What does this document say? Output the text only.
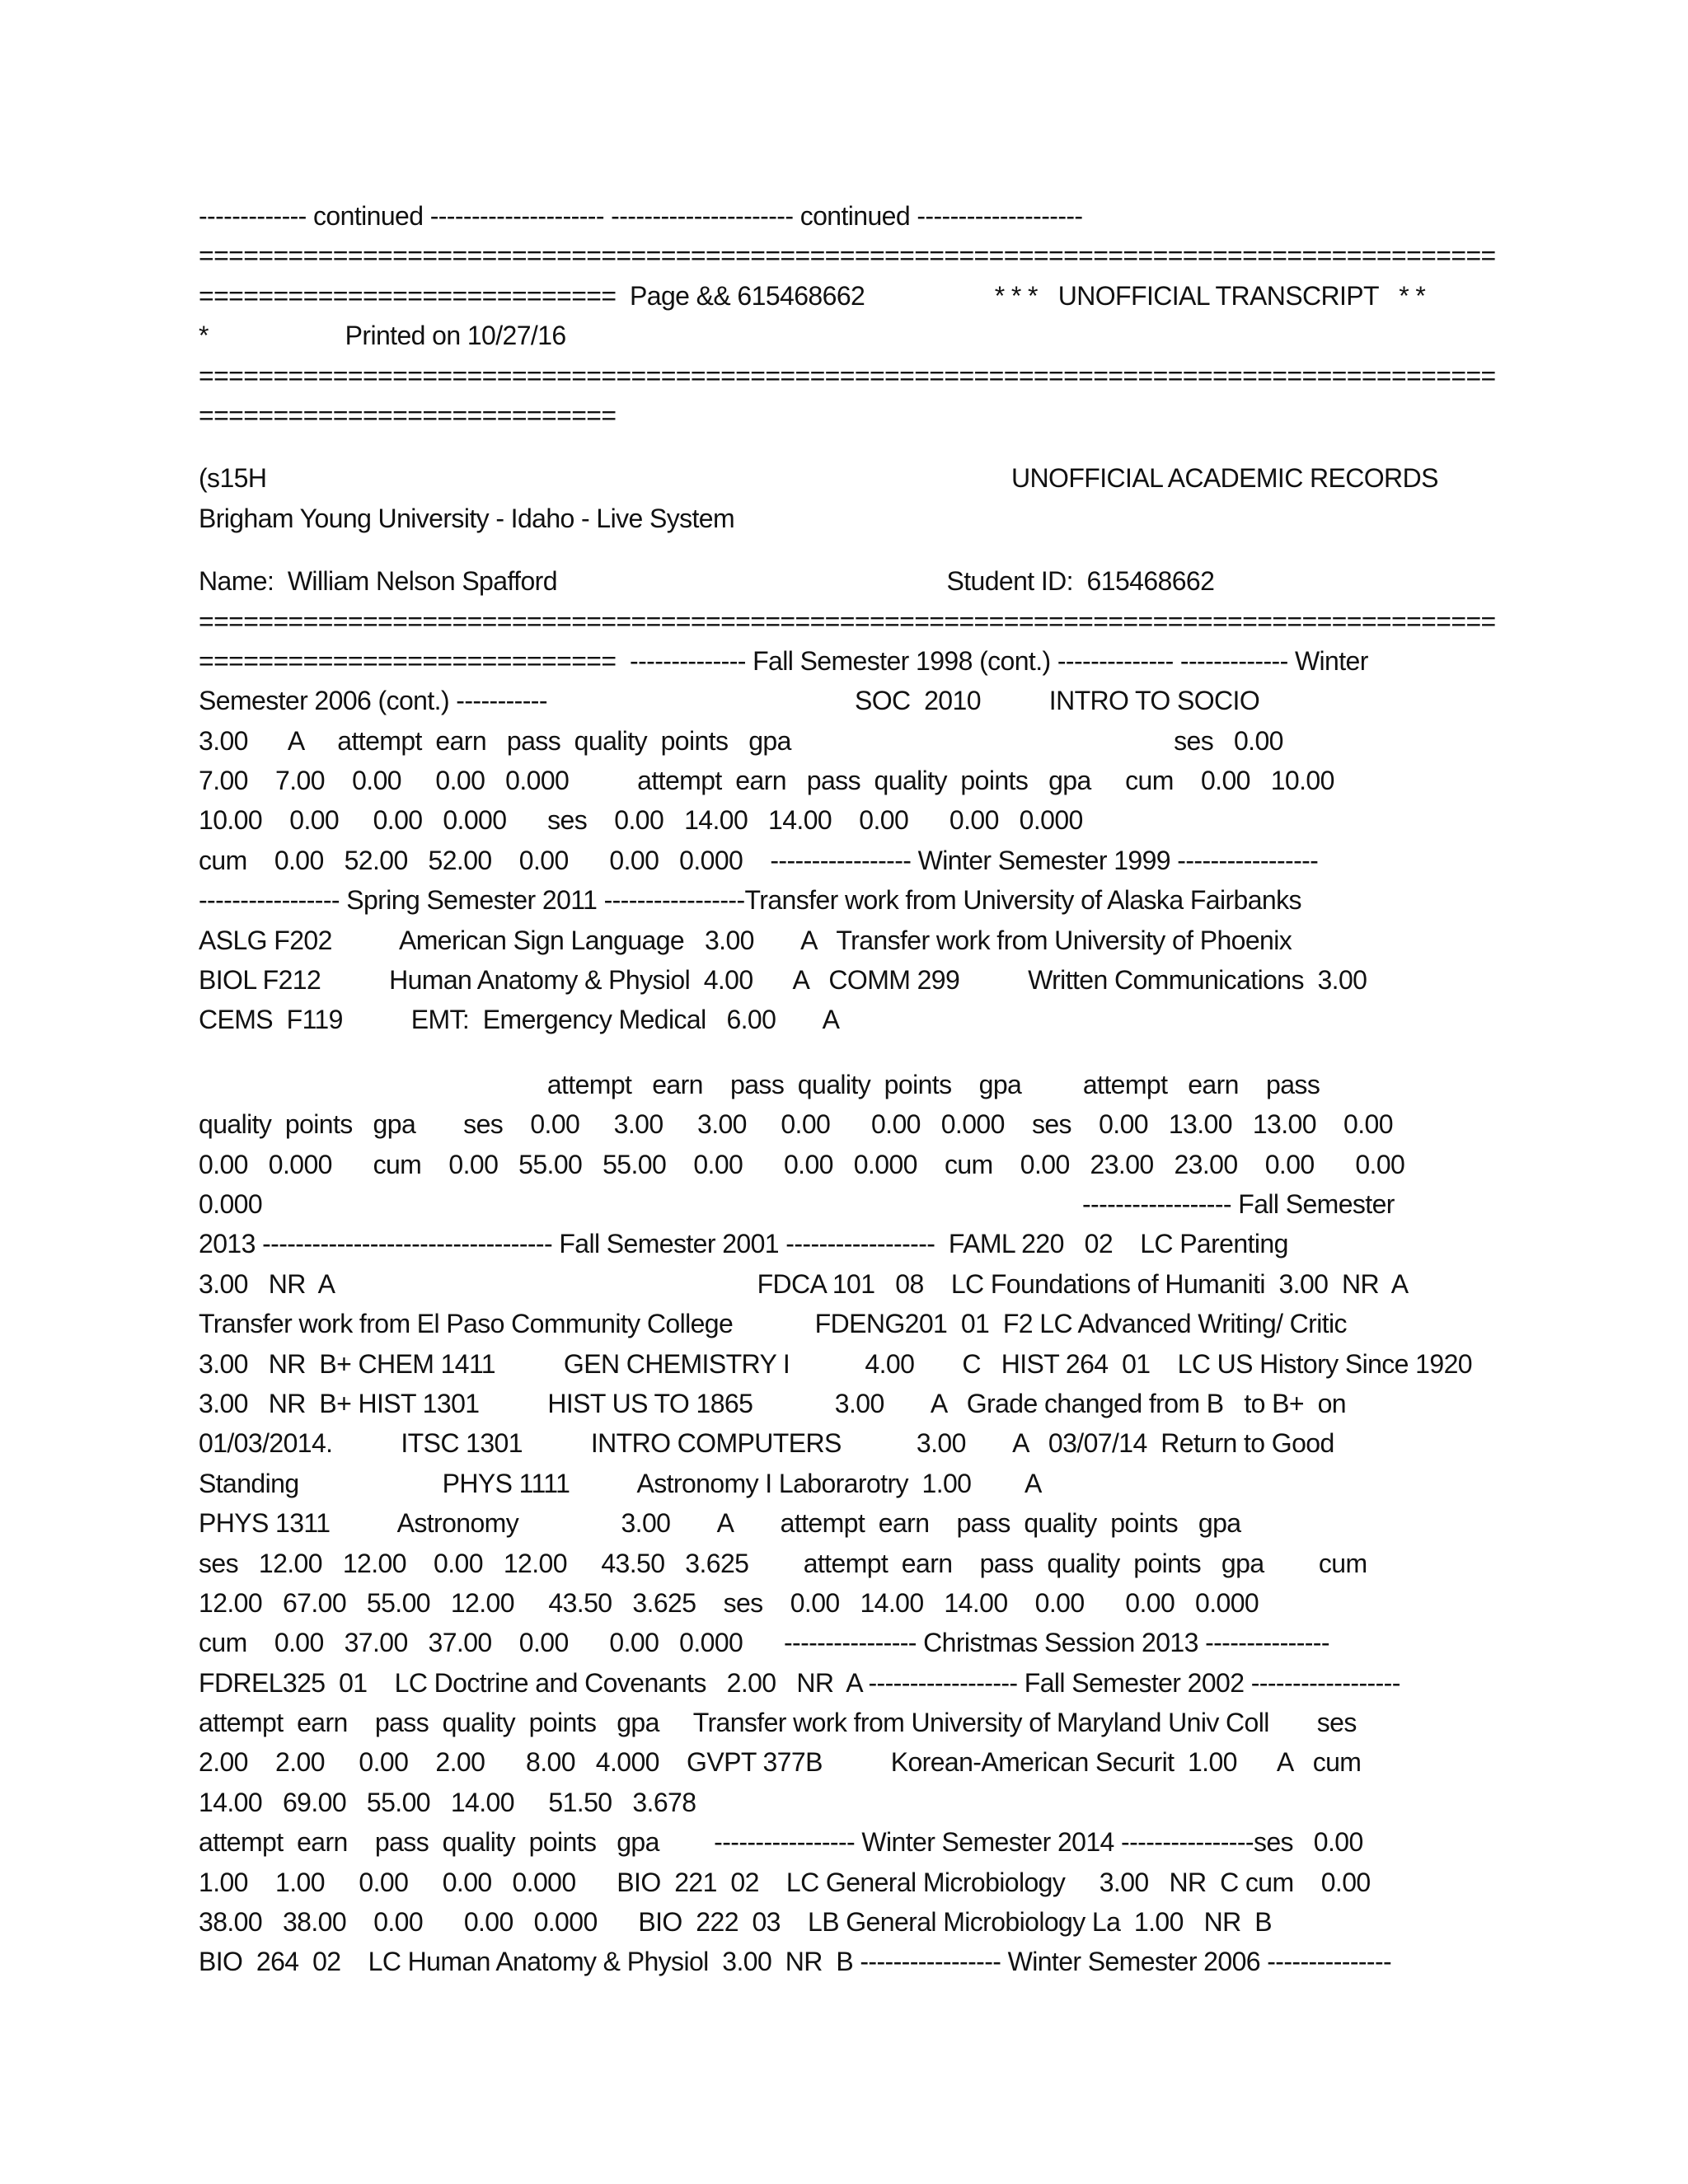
------------- continued --------------------- ---------------------- continued --------------------
=======================================================================================
============================  Page && 615468662                   * * *   UNOFFICIAL TRANSCRIPT   * *
*                    Printed on 10/27/16
=======================================================================================
============================
(s15H                                                                                                             UNOFFICIAL ACADEMIC RECORDS
Brigham Young University - Idaho - Live System
Name:  William Nelson Spafford                                                         Student ID:  615468662
=======================================================================================
============================  -------------- Fall Semester 1998 (cont.) -------------- ------------- Winter
Semester 2006 (cont.) -----------                                             SOC  2010          INTRO TO SOCIO
3.00      A     attempt  earn   pass  quality  points   gpa                                                        ses   0.00
7.00    7.00    0.00     0.00   0.000          attempt  earn   pass  quality  points   gpa     cum    0.00   10.00
10.00    0.00     0.00   0.000      ses    0.00   14.00   14.00    0.00      0.00   0.000
cum    0.00   52.00   52.00    0.00      0.00   0.000    ----------------- Winter Semester 1999 -----------------
----------------- Spring Semester 2011 -----------------Transfer work from University of Alaska Fairbanks
ASLG F202          American Sign Language   3.00       A   Transfer work from University of Phoenix
BIOL F212          Human Anatomy & Physiol  4.00      A   COMM 299          Written Communications  3.00
CEMS  F119          EMT:  Emergency Medical   6.00       A
attempt   earn    pass  quality  points    gpa         attempt   earn    pass
quality  points   gpa       ses    0.00     3.00     3.00     0.00      0.00   0.000    ses    0.00   13.00   13.00    0.00
0.00   0.000      cum    0.00   55.00   55.00    0.00      0.00   0.000    cum    0.00   23.00   23.00    0.00      0.00
0.000                                                                                                                        ------------------ Fall Semester
2013 ----------------------------------- Fall Semester 2001 ------------------  FAML 220   02    LC Parenting
3.00   NR  A                                                              FDCA 101   08    LC Foundations of Humaniti  3.00  NR  A
Transfer work from El Paso Community College            FDENG201  01  F2 LC Advanced Writing/ Critic
3.00   NR  B+ CHEM 1411          GEN CHEMISTRY I           4.00       C   HIST 264  01    LC US History Since 1920
3.00   NR  B+ HIST 1301          HIST US TO 1865            3.00       A   Grade changed from B   to B+  on
01/03/2014.          ITSC 1301          INTRO COMPUTERS           3.00       A   03/07/14  Return to Good
Standing                     PHYS 1111          Astronomy I Laborarotry  1.00        A
PHYS 1311          Astronomy               3.00       A       attempt  earn    pass  quality  points   gpa
ses   12.00   12.00    0.00   12.00     43.50   3.625        attempt  earn    pass  quality  points   gpa        cum
12.00   67.00   55.00   12.00     43.50   3.625    ses    0.00   14.00   14.00    0.00      0.00   0.000
cum    0.00   37.00   37.00    0.00      0.00   0.000      ---------------- Christmas Session 2013 ---------------
FDREL325  01    LC Doctrine and Covenants   2.00   NR  A ------------------ Fall Semester 2002 ------------------
attempt  earn    pass  quality  points   gpa     Transfer work from University of Maryland Univ Coll       ses
2.00    2.00     0.00    2.00      8.00   4.000    GVPT 377B          Korean-American Securit  1.00      A   cum
14.00   69.00   55.00   14.00     51.50   3.678
attempt  earn    pass  quality  points   gpa        ----------------- Winter Semester 2014 ----------------ses   0.00
1.00    1.00     0.00     0.00   0.000      BIO  221  02    LC General Microbiology     3.00   NR  C cum    0.00
38.00   38.00    0.00      0.00   0.000      BIO  222  03    LB General Microbiology La  1.00   NR  B
BIO  264  02    LC Human Anatomy & Physiol  3.00  NR  B ----------------- Winter Semester 2006 ---------------
